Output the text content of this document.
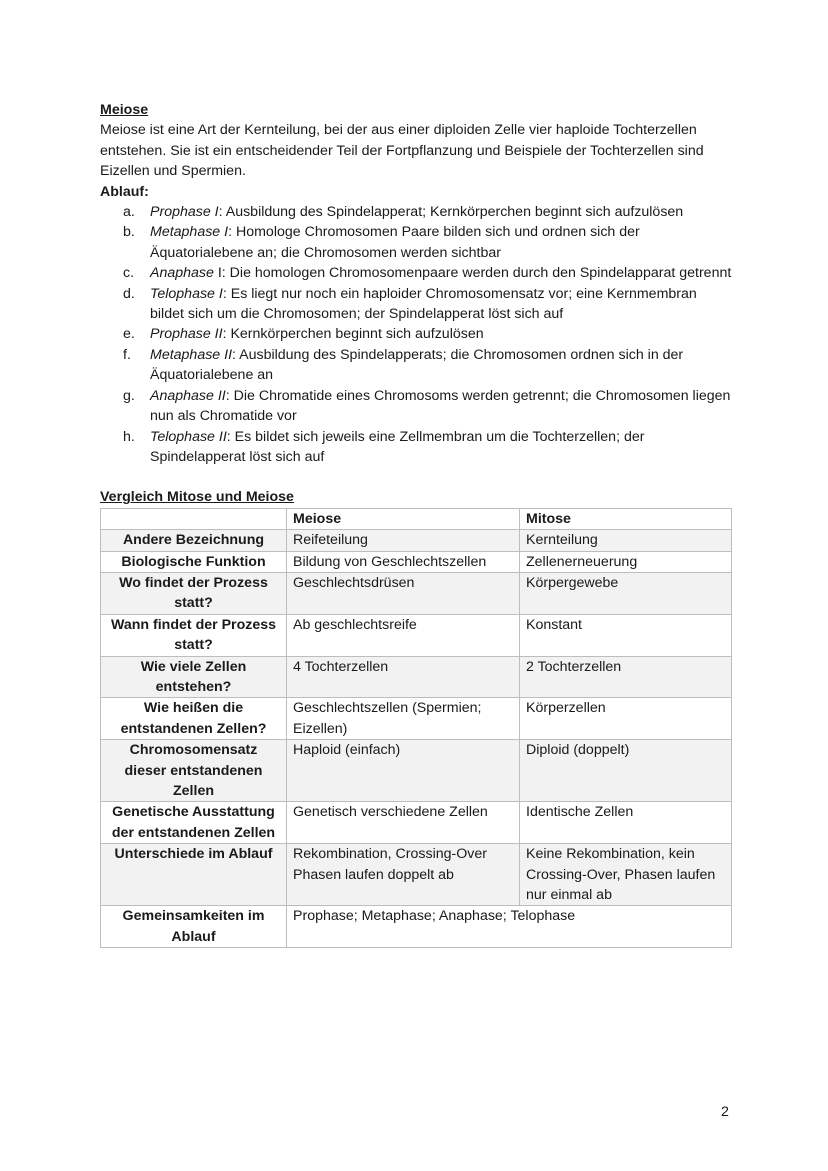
Meiose

Meiose ist eine Art der Kernteilung, bei der aus einer diploiden Zelle vier haploide Tochterzellen entstehen. Sie ist ein entscheidender Teil der Fortpflanzung und Beispiele der Tochterzellen sind Eizellen und Spermien.

Ablauf:

a. Prophase I: Ausbildung des Spindelapperat; Kernkörperchen beginnt sich aufzulösen
b. Metaphase I: Homologe Chromosomen Paare bilden sich und ordnen sich der Äquatorialebene an; die Chromosomen werden sichtbar
c. Anaphase I: Die homologen Chromosomenpaare werden durch den Spindelapparat getrennt
d. Telophase I: Es liegt nur noch ein haploider Chromosomensatz vor; eine Kernmembran bildet sich um die Chromosomen; der Spindelapperat löst sich auf
e. Prophase II: Kernkörperchen beginnt sich aufzulösen
f. Metaphase II: Ausbildung des Spindelapperats; die Chromosomen ordnen sich in der Äquatorialebene an
g. Anaphase II: Die Chromatide eines Chromosoms werden getrennt; die Chromosomen liegen nun als Chromatide vor
h. Telophase II: Es bildet sich jeweils eine Zellmembran um die Tochterzellen; der Spindelapperat löst sich auf

Vergleich Mitose und Meiose

	Meiose	Mitose
Andere Bezeichnung	Reifeteilung	Kernteilung
Biologische Funktion	Bildung von Geschlechtszellen	Zellenerneuerung
Wo findet der Prozess statt?	Geschlechtsdrüsen	Körpergewebe
Wann findet der Prozess statt?	Ab geschlechtsreife	Konstant
Wie viele Zellen entstehen?	4 Tochterzellen	2 Tochterzellen
Wie heißen die entstandenen Zellen?	Geschlechtszellen (Spermien; Eizellen)	Körperzellen
Chromosomensatz dieser entstandenen Zellen	Haploid (einfach)	Diploid (doppelt)
Genetische Ausstattung der entstandenen Zellen	Genetisch verschiedene Zellen	Identische Zellen
Unterschiede im Ablauf	Rekombination, Crossing-Over Phasen laufen doppelt ab	Keine Rekombination, kein Crossing-Over, Phasen laufen nur einmal ab
Gemeinsamkeiten im Ablauf	Prophase; Metaphase; Anaphase; Telophase	
2
